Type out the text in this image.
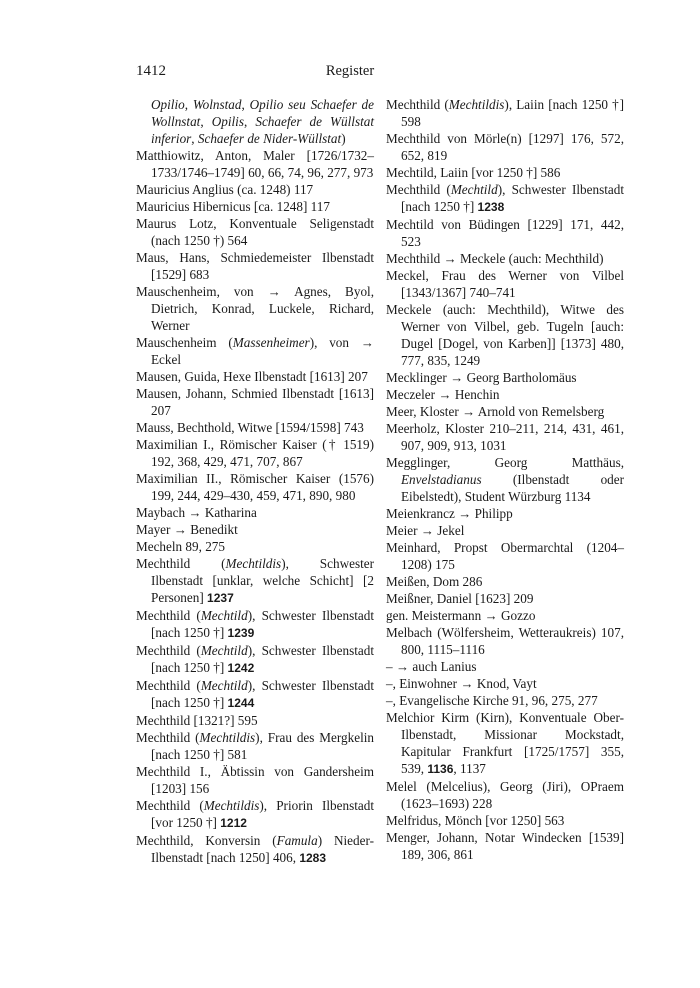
1412	Register

Opilio, Wolnstad, Opilio seu Schaefer de Wollnstat, Opilis, Schaefer de Wüllstat inferior, Schaefer de Nider-Wüllstat)

Matthiowitz, Anton, Maler [1726/1732–1733/1746–1749] 60, 66, 74, 96, 277, 973

Mauricius Anglius (ca. 1248) 117

Mauricius Hibernicus [ca. 1248] 117

Maurus Lotz, Konventuale Seligenstadt (nach 1250 †) 564

Maus, Hans, Schmiedemeister Ilbenstadt [1529] 683

Mauschenheim, von → Agnes, Byol, Dietrich, Konrad, Luckele, Richard, Werner

Mauschenheim (Massenheimer), von → Eckel

Mausen, Guida, Hexe Ilbenstadt [1613] 207

Mausen, Johann, Schmied Ilbenstadt [1613] 207

Mauss, Bechthold, Witwe [1594/1598] 743

Maximilian I., Römischer Kaiser († 1519) 192, 368, 429, 471, 707, 867

Maximilian II., Römischer Kaiser (1576) 199, 244, 429–430, 459, 471, 890, 980

Maybach → Katharina

Mayer → Benedikt

Mecheln 89, 275

Mechthild (Mechtildis), Schwester Ilbenstadt [unklar, welche Schicht] [2 Personen] 1237

Mechthild (Mechtild), Schwester Ilbenstadt [nach 1250 †] 1239

Mechthild (Mechtild), Schwester Ilbenstadt [nach 1250 †] 1242

Mechthild (Mechtild), Schwester Ilbenstadt [nach 1250 †] 1244

Mechthild [1321?] 595

Mechthild (Mechtildis), Frau des Mergkelin [nach 1250 †] 581

Mechthild I., Äbtissin von Gandersheim [1203] 156

Mechthild (Mechtildis), Priorin Ilbenstadt [vor 1250 †] 1212

Mechthild, Konversin (Famula) Nieder-Ilbenstadt [nach 1250] 406, 1283

Mechthild (Mechtildis), Laiin [nach 1250 †] 598

Mechthild von Mörle(n) [1297] 176, 572, 652, 819

Mechtild, Laiin [vor 1250 †] 586

Mechthild (Mechtild), Schwester Ilbenstadt [nach 1250 †] 1238

Mechtild von Büdingen [1229] 171, 442, 523

Mechthild → Meckele (auch: Mechthild)

Meckel, Frau des Werner von Vilbel [1343/1367] 740–741

Meckele (auch: Mechthild), Witwe des Werner von Vilbel, geb. Tugeln [auch: Dugel [Dogel, von Karben]] [1373] 480, 777, 835, 1249

Mecklinger → Georg Bartholomäus

Meczeler → Henchin

Meer, Kloster → Arnold von Remelsberg

Meerholz, Kloster 210–211, 214, 431, 461, 907, 909, 913, 1031

Megglinger, Georg Matthäus, Envelstadianus (Ilbenstadt oder Eibelstedt), Student Würzburg 1134

Meienkrancz → Philipp

Meier → Jekel

Meinhard, Propst Obermarchtal (1204–1208) 175

Meißen, Dom 286

Meißner, Daniel [1623] 209

gen. Meistermann → Gozzo

Melbach (Wölfersheim, Wetteraukreis) 107, 800, 1115–1116

– → auch Lanius

–, Einwohner → Knod, Vayt

–, Evangelische Kirche 91, 96, 275, 277

Melchior Kirm (Kirn), Konventuale Ober-Ilbenstadt, Missionar Mockstadt, Kapitular Frankfurt [1725/1757] 355, 539, 1136, 1137

Melel (Melcelius), Georg (Jiri), OPraem (1623–1693) 228

Melfridus, Mönch [vor 1250] 563

Menger, Johann, Notar Windecken [1539] 189, 306, 861
